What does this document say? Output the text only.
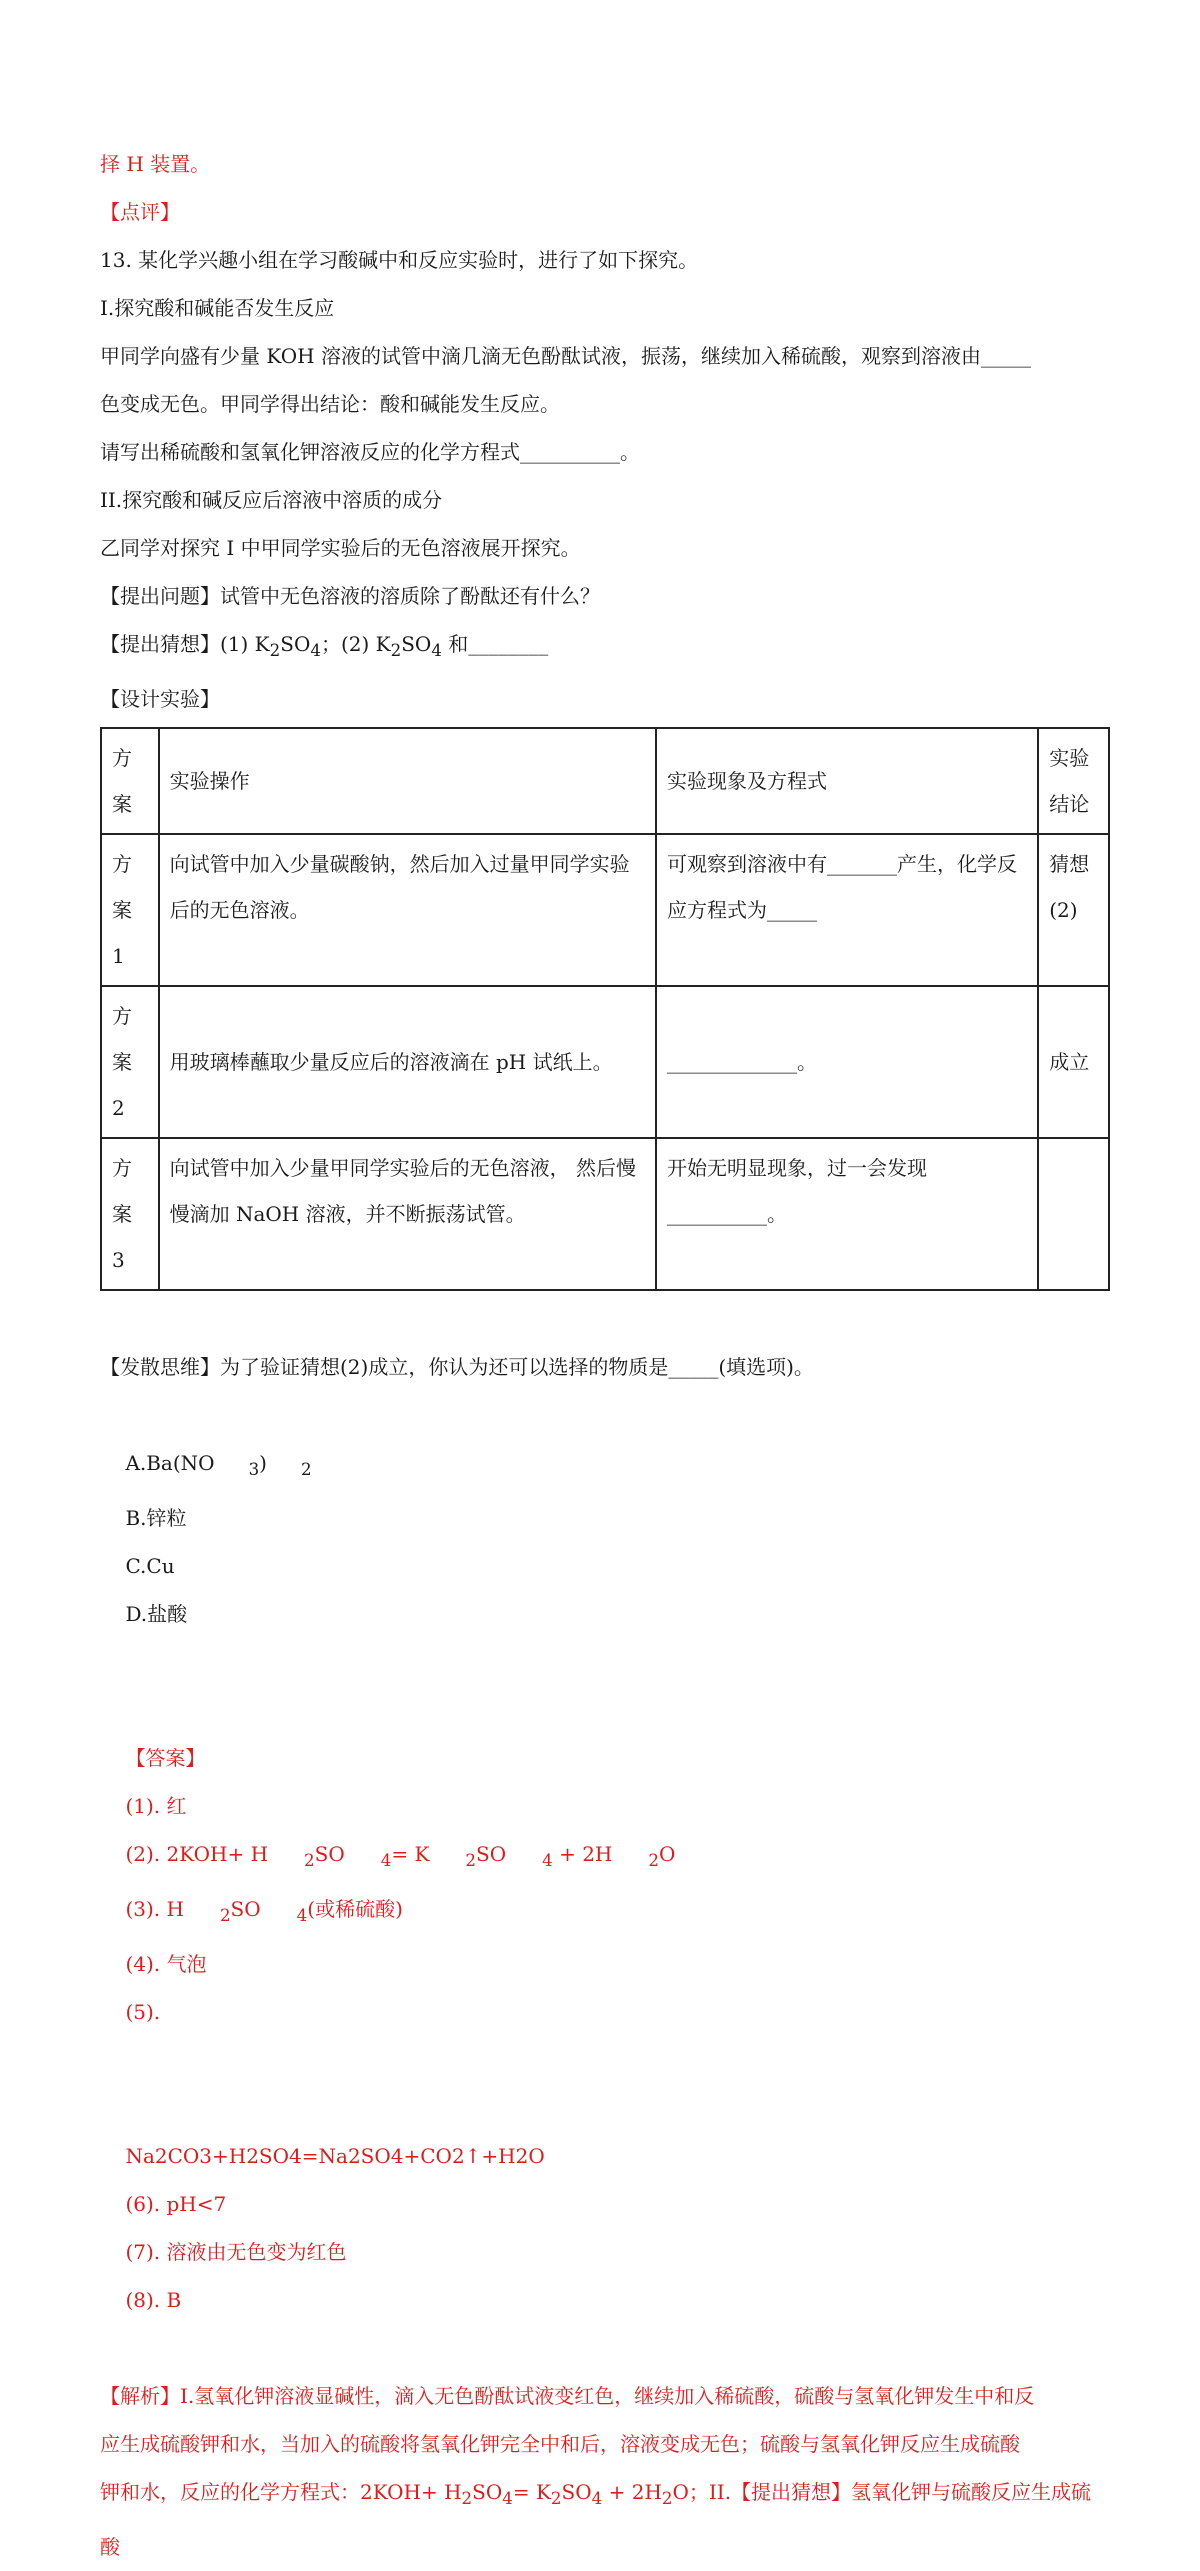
择 H 装置。
【点评】
13. 某化学兴趣小组在学习酸碱中和反应实验时，进行了如下探究。
I.探究酸和碱能否发生反应
甲同学向盛有少量 KOH 溶液的试管中滴几滴无色酚酞试液，振荡，继续加入稀硫酸，观察到溶液由_____
色变成无色。甲同学得出结论：酸和碱能发生反应。
请写出稀硫酸和氢氧化钾溶液反应的化学方程式__________。
II.探究酸和碱反应后溶液中溶质的成分
乙同学对探究 I 中甲同学实验后的无色溶液展开探究。
【提出问题】试管中无色溶液的溶质除了酚酞还有什么？
【提出猜想】(1) $K_2SO_4$；(2) $K_2SO_4$ 和________
【设计实验】
方案	实验操作	实验现象及方程式	实验结论
方案 1	向试管中加入少量碳酸钠，然后加入过量甲同学实验后的无色溶液。	可观察到溶液中有_______产生，化学反应方程式为_____	猜想(2)
方案 2	用玻璃棒蘸取少量反应后的溶液滴在 pH 试纸上。	_____________。	成立
方案 3	向试管中加入少量甲同学实验后的无色溶液， 然后慢慢滴加 NaOH 溶液，并不断振荡试管。	开始无明显现象，过一会发现__________。	
【发散思维】为了验证猜想(2)成立，你认为还可以选择的物质是_____(填选项)。

A.Ba(NO $_3$) $_2$
B.锌粒
C.Cu
D.盐酸

【答案】
(1). 红
(2). 2KOH+ H $_2$SO $_4$= K $_2$SO $_4$ + 2H $_2$O
(3). H $_2$SO $_4$(或稀硫酸)
(4). 气泡
(5).

Na2CO3+H2SO4=Na2SO4+CO2↑+H2O
(6). pH<7
(7). 溶液由无色变为红色
(8). B

【解析】I.氢氧化钾溶液显碱性，滴入无色酚酞试液变红色，继续加入稀硫酸，硫酸与氢氧化钾发生中和反
应生成硫酸钾和水，当加入的硫酸将氢氧化钾完全中和后，溶液变成无色；硫酸与氢氧化钾反应生成硫酸
钾和水，反应的化学方程式：$2KOH+ H_2SO_4= K_2SO_4 + 2H_2O$；II.【提出猜想】氢氧化钾与硫酸反应生成硫酸
